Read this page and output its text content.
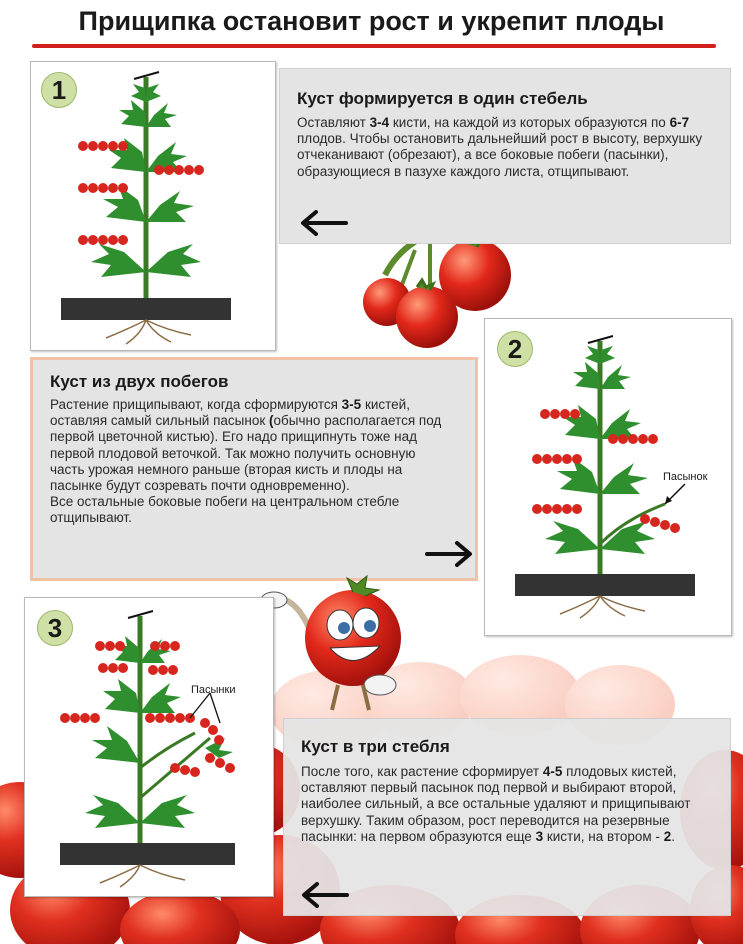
Прищипка остановит рост и укрепит плоды
1	Куст формируется в один стебель
Оставляют 3-4 кисти, на каждой из которых образуются по 6-7 плодов. Чтобы остановить дальнейший рост в высоту, верхушку отчеканивают (обрезают), а все боковые побеги (пасынки), образующиеся в пазухе каждого листа, отщипывают.
Куст из двух побегов
Растение прищипывают, когда сформируются 3-5 кистей, оставляя самый сильный пасынок (обычно располагается под первой цветочной кистью). Его надо прищипнуть тоже над первой плодовой веточкой. Так можно получить основную часть урожая немного раньше (вторая кисть и плоды на пасынке будут созревать почти одновременно).
Все остальные боковые побеги на центральном стебле отщипывают.
2
Пасынок
3
Пасынки
Куст в три стебля
После того, как растение сформирует 4-5 плодовых кистей, оставляют первый пасынок под первой и выбирают второй, наиболее сильный, а все остальные удаляют и прищипывают верхушку. Таким образом, рост переводится на резервные пасынки: на первом образуются еще 3 кисти, на втором - 2.
